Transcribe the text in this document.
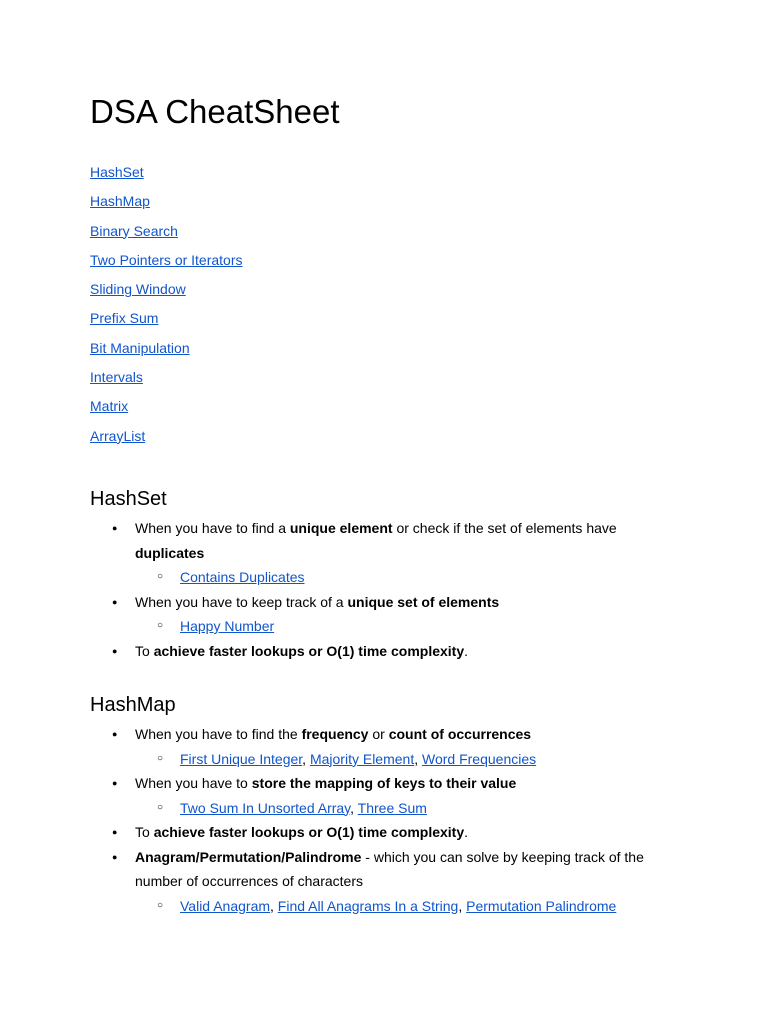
DSA CheatSheet
HashSet
HashMap
Binary Search
Two Pointers or Iterators
Sliding Window
Prefix Sum
Bit Manipulation
Intervals
Matrix
ArrayList
HashSet
● When you have to find a unique element or check if the set of elements have duplicates
○ Contains Duplicates
● When you have to keep track of a unique set of elements
○ Happy Number
● To achieve faster lookups or O(1) time complexity.
HashMap
● When you have to find the frequency or count of occurrences
○ First Unique Integer, Majority Element, Word Frequencies
● When you have to store the mapping of keys to their value
○ Two Sum In Unsorted Array, Three Sum
● To achieve faster lookups or O(1) time complexity.
● Anagram/Permutation/Palindrome - which you can solve by keeping track of the number of occurrences of characters
○ Valid Anagram, Find All Anagrams In a String, Permutation Palindrome
